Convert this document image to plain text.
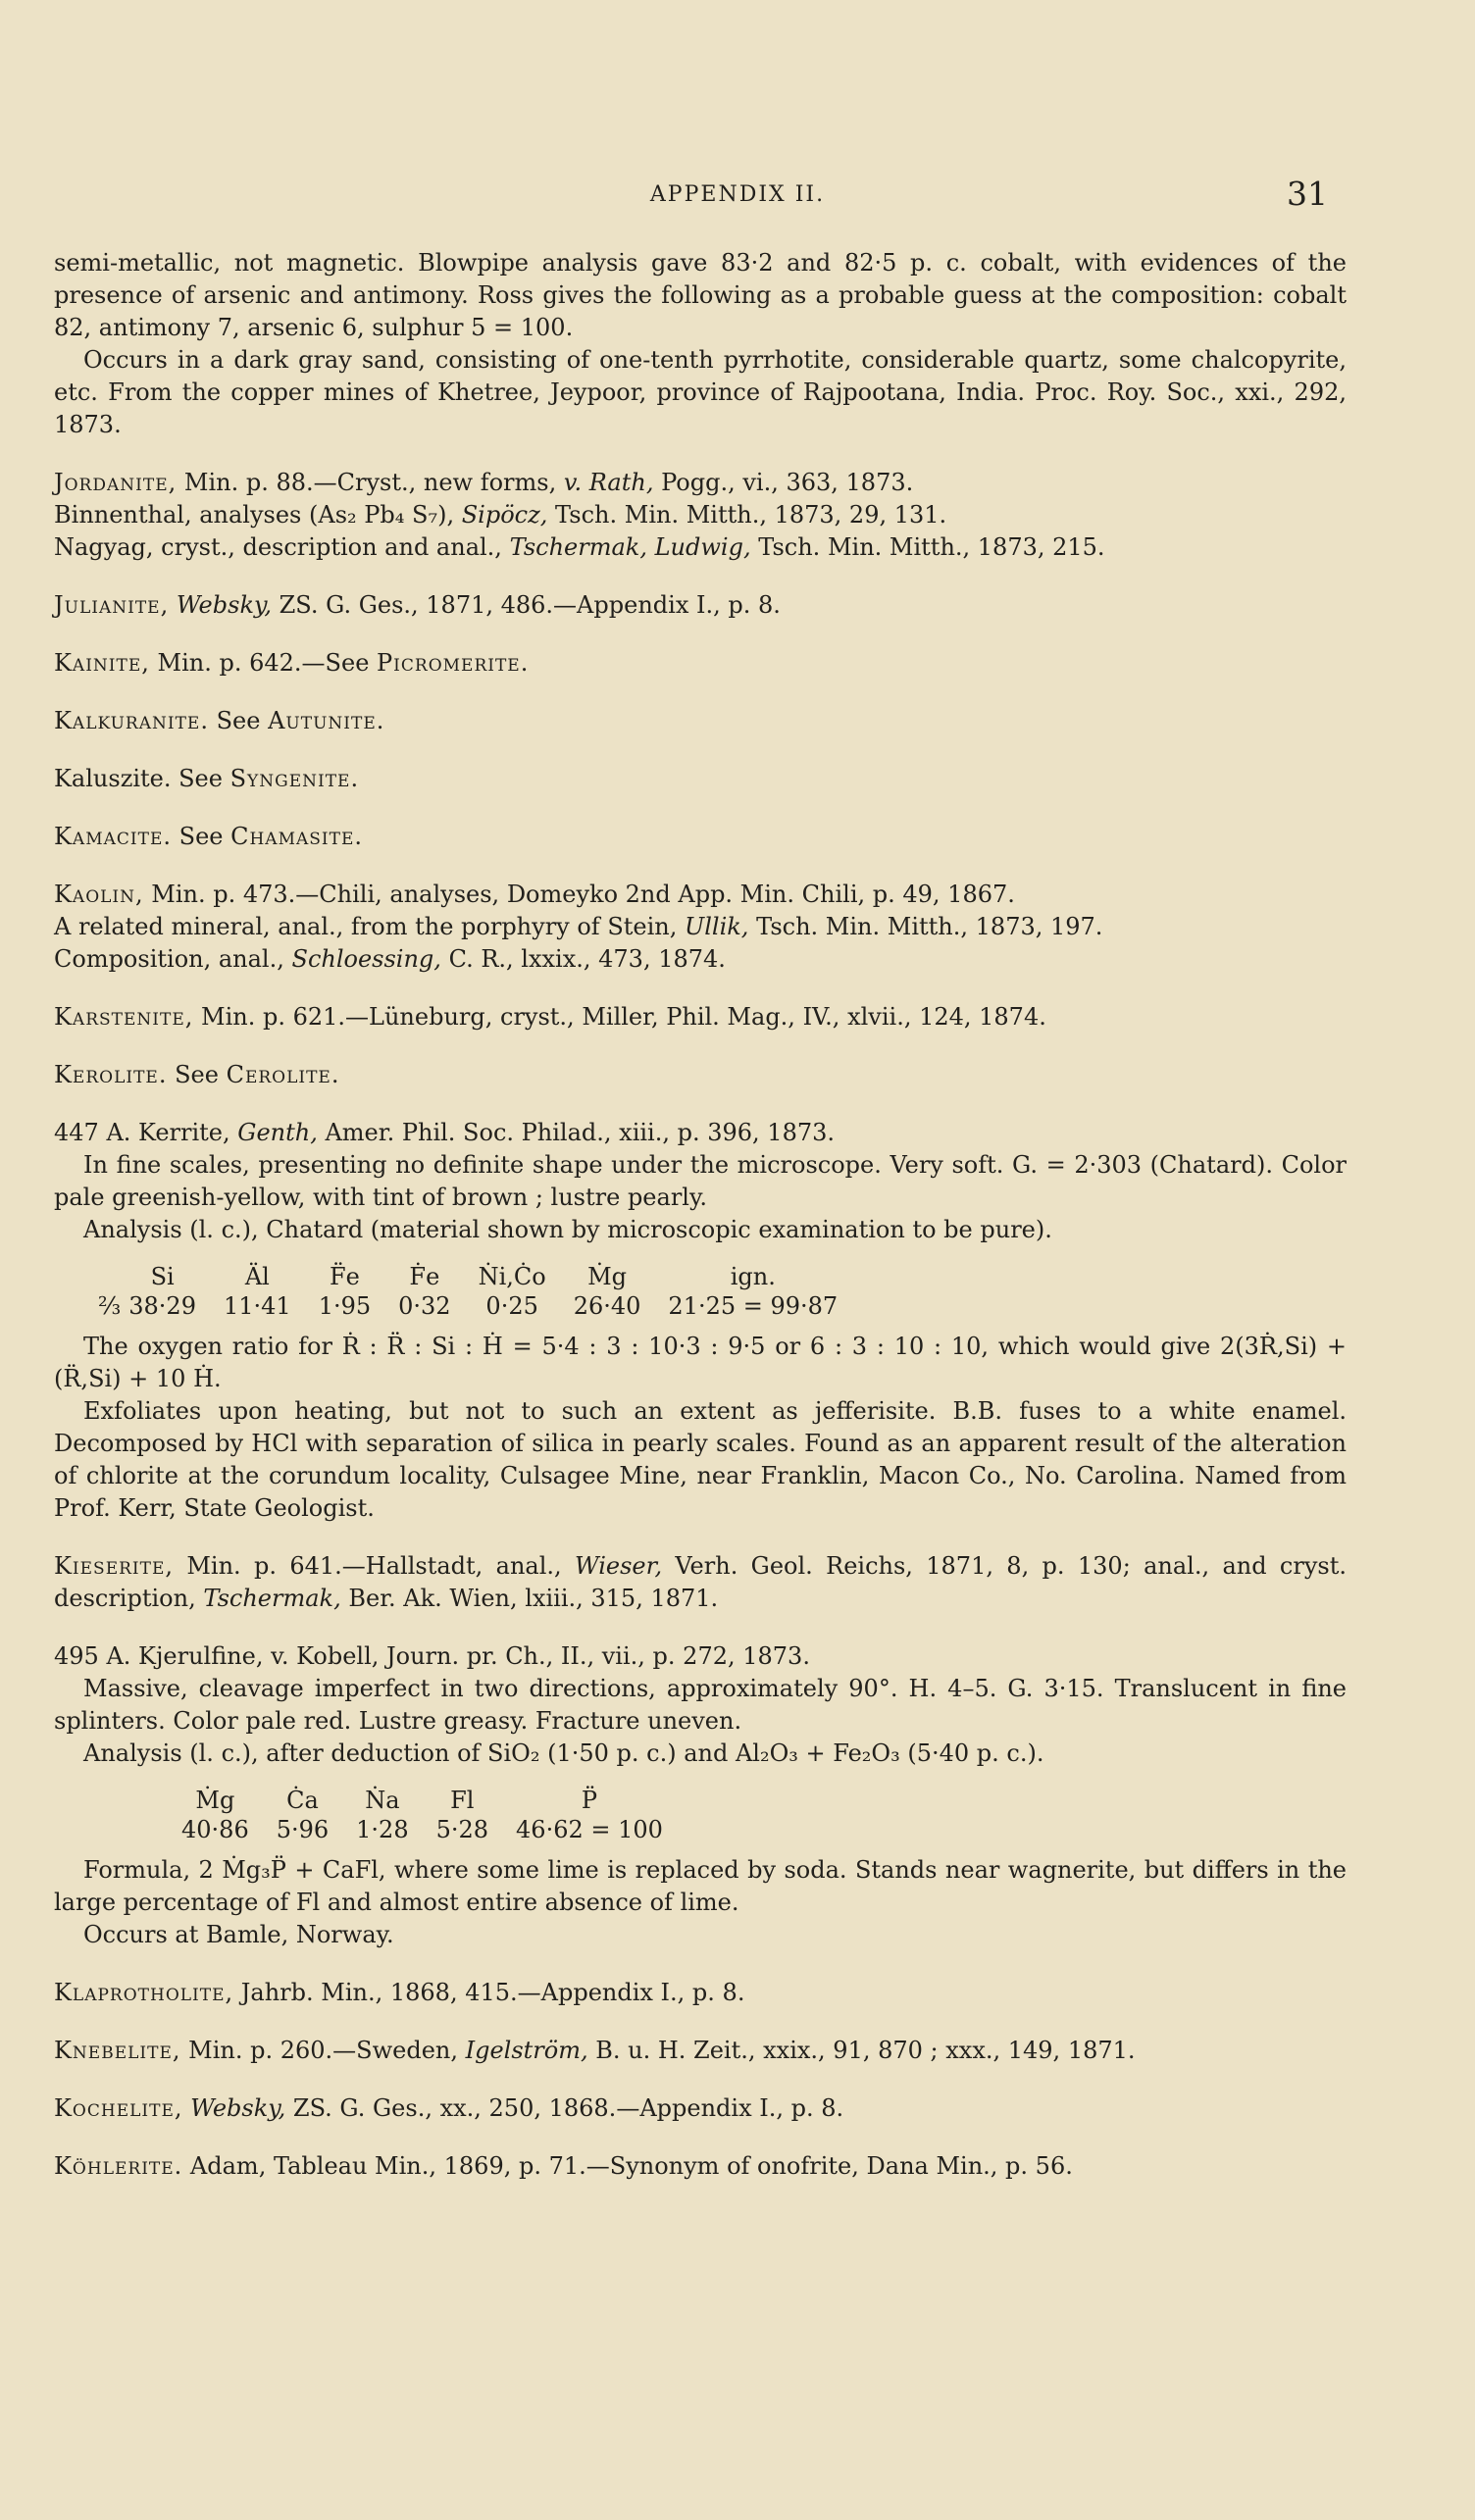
APPENDIX II.	31

semi-metallic, not magnetic. Blowpipe analysis gave 83·2 and 82·5 p. c. cobalt, with evidences of the presence of arsenic and antimony. Ross gives the following as a probable guess at the composition: cobalt 82, antimony 7, arsenic 6, sulphur 5 = 100.

Occurs in a dark gray sand, consisting of one-tenth pyrrhotite, considerable quartz, some chalcopyrite, etc. From the copper mines of Khetree, Jeypoor, province of Rajpootana, India. Proc. Roy. Soc., xxi., 292, 1873.

Jordanite, Min. p. 88.—Cryst., new forms, v. Rath, Pogg., vi., 363, 1873.

Binnenthal, analyses (As₂ Pb₄ S₇), Sipöcz, Tsch. Min. Mitth., 1873, 29, 131.

Nagyag, cryst., description and anal., Tschermak, Ludwig, Tsch. Min. Mitth., 1873, 215.

Julianite, Websky, ZS. G. Ges., 1871, 486.—Appendix I., p. 8.

Kainite, Min. p. 642.—See Picromerite.

Kalkuranite. See Autunite.

Kaluszite. See Syngenite.

Kamacite. See Chamasite.

Kaolin, Min. p. 473.—Chili, analyses, Domeyko 2nd App. Min. Chili, p. 49, 1867.

A related mineral, anal., from the porphyry of Stein, Ullik, Tsch. Min. Mitth., 1873, 197.

Composition, anal., Schloessing, C. R., lxxix., 473, 1874.

Karstenite, Min. p. 621.—Lüneburg, cryst., Miller, Phil. Mag., IV., xlvii., 124, 1874.

Kerolite. See Cerolite.

447 A. Kerrite, Genth, Amer. Phil. Soc. Philad., xiii., p. 396, 1873.

In fine scales, presenting no definite shape under the microscope. Very soft. G. = 2·303 (Chatard). Color pale greenish-yellow, with tint of brown ; lustre pearly.

Analysis (l. c.), Chatard (material shown by microscopic examination to be pure).

	Si	Äl	F̈e	Ḟe	Ṅi,Ċo	Ṁg	ign.
⅔	38·29	11·41	1·95	0·32	0·25	26·40	21·25 = 99·87

The oxygen ratio for Ṙ : R̈ : Si : Ḣ = 5·4 : 3 : 10·3 : 9·5 or 6 : 3 : 10 : 10, which would give 2(3Ṙ,Si) + (R̈,Si) + 10 Ḣ.

Exfoliates upon heating, but not to such an extent as jefferisite. B.B. fuses to a white enamel. Decomposed by HCl with separation of silica in pearly scales. Found as an apparent result of the alteration of chlorite at the corundum locality, Culsagee Mine, near Franklin, Macon Co., No. Carolina. Named from Prof. Kerr, State Geologist.

Kieserite, Min. p. 641.—Hallstadt, anal., Wieser, Verh. Geol. Reichs, 1871, 8, p. 130; anal., and cryst. description, Tschermak, Ber. Ak. Wien, lxiii., 315, 1871.

495 A. Kjerulfine, v. Kobell, Journ. pr. Ch., II., vii., p. 272, 1873.

Massive, cleavage imperfect in two directions, approximately 90°. H. 4–5. G. 3·15. Translucent in fine splinters. Color pale red. Lustre greasy. Fracture uneven.

Analysis (l. c.), after deduction of SiO₂ (1·50 p. c.) and Al₂O₃ + Fe₂O₃ (5·40 p. c.).

Ṁg	Ċa	Ṅa	Fl	P̈
40·86	5·96	1·28	5·28	46·62 = 100

Formula, 2 Ṁg₃P̈ + CaFl, where some lime is replaced by soda. Stands near wagnerite, but differs in the large percentage of Fl and almost entire absence of lime.

Occurs at Bamle, Norway.

Klaprotholite, Jahrb. Min., 1868, 415.—Appendix I., p. 8.

Knebelite, Min. p. 260.—Sweden, Igelström, B. u. H. Zeit., xxix., 91, 870 ; xxx., 149, 1871.

Kochelite, Websky, ZS. G. Ges., xx., 250, 1868.—Appendix I., p. 8.

Köhlerite. Adam, Tableau Min., 1869, p. 71.—Synonym of onofrite, Dana Min., p. 56.
